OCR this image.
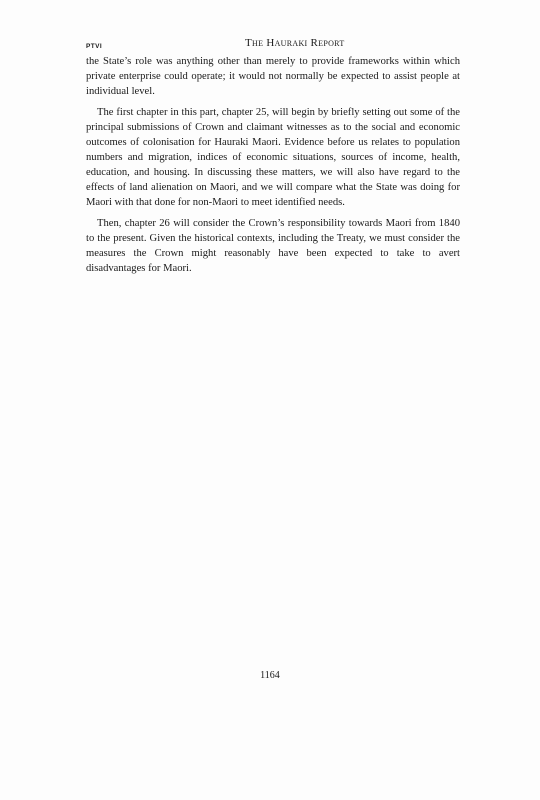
PTVI	The Hauraki Report

the State’s role was anything other than merely to provide frameworks within which private enterprise could operate; it would not normally be expected to assist people at individual level.

The first chapter in this part, chapter 25, will begin by briefly setting out some of the principal submissions of Crown and claimant witnesses as to the social and economic outcomes of colonisation for Hauraki Maori. Evidence before us relates to population numbers and migration, indices of economic situations, sources of income, health, education, and housing. In discussing these matters, we will also have regard to the effects of land alienation on Maori, and we will compare what the State was doing for Maori with that done for non-Maori to meet identified needs.

Then, chapter 26 will consider the Crown’s responsibility towards Maori from 1840 to the present. Given the historical contexts, including the Treaty, we must consider the measures the Crown might reasonably have been expected to take to avert disadvantages for Maori.

1164
